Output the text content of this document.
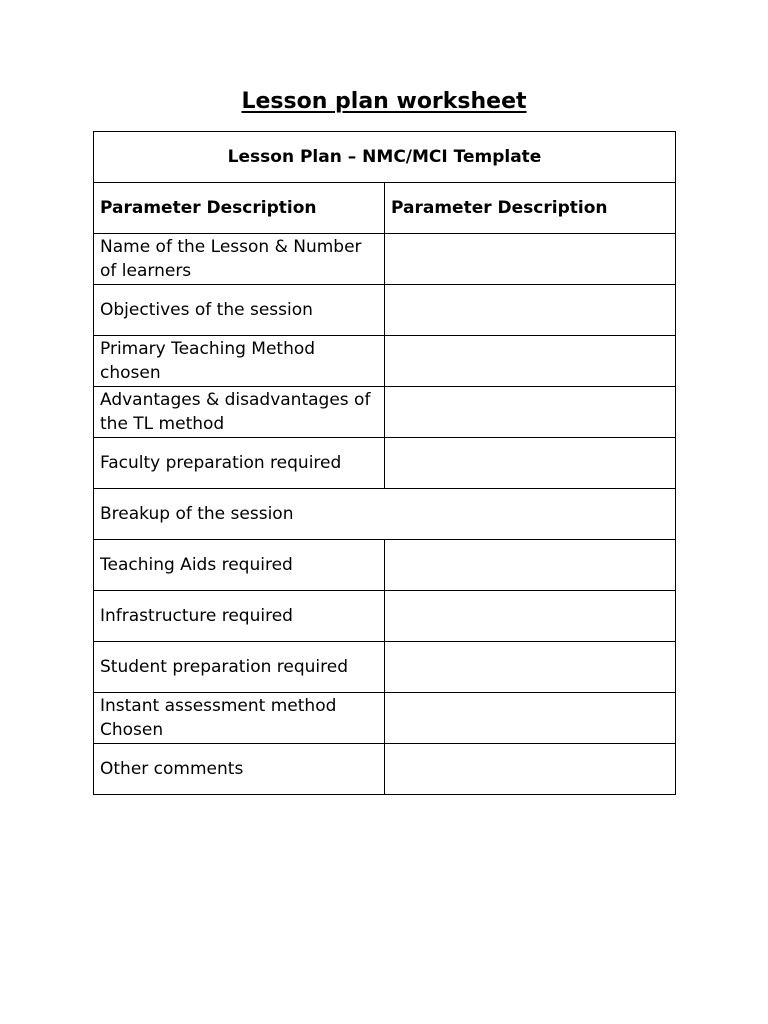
Lesson plan worksheet
Lesson Plan – NMC/MCI Template	
Parameter Description	Parameter Description
Name of the Lesson & Number of learners	
Objectives of the session	
Primary Teaching Method chosen	
Advantages & disadvantages of the TL method	
Faculty preparation required	
Breakup of the session	
Teaching Aids required	
Infrastructure required	
Student preparation required	
Instant assessment method Chosen	
Other comments	
